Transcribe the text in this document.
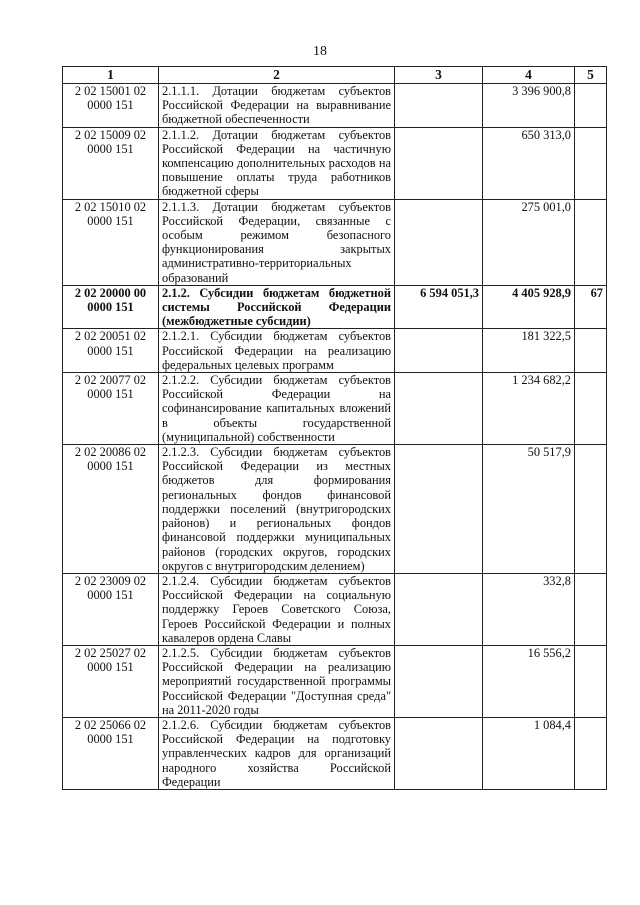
18
1	2	3	4	5
2 02 15001 02 0000 151	2.1.1.1. Дотации бюджетам субъектов Российской Федерации на выравнивание бюджетной обеспеченности		3 396 900,8	
2 02 15009 02 0000 151	2.1.1.2. Дотации бюджетам субъектов Российской Федерации на частичную компенсацию дополнительных расходов на повышение оплаты труда работников бюджетной сферы		650 313,0	
2 02 15010 02 0000 151	2.1.1.3. Дотации бюджетам субъектов Российской Федерации, связанные с особым режимом безопасного функционирования закрытых административно-территориальных образований		275 001,0	
2 02 20000 00 0000 151	2.1.2. Субсидии бюджетам бюджетной системы Российской Федерации (межбюджетные субсидии)	6 594 051,3	4 405 928,9	67
2 02 20051 02 0000 151	2.1.2.1. Субсидии бюджетам субъектов Российской Федерации на реализацию федеральных целевых программ		181 322,5	
2 02 20077 02 0000 151	2.1.2.2. Субсидии бюджетам субъектов Российской Федерации на софинансирование капитальных вложений в объекты государственной (муниципальной) собственности		1 234 682,2	
2 02 20086 02 0000 151	2.1.2.3. Субсидии бюджетам субъектов Российской Федерации из местных бюджетов для формирования региональных фондов финансовой поддержки поселений (внутригородских районов) и региональных фондов финансовой поддержки муниципальных районов (городских округов, городских округов с внутригородским делением)		50 517,9	
2 02 23009 02 0000 151	2.1.2.4. Субсидии бюджетам субъектов Российской Федерации на социальную поддержку Героев Советского Союза, Героев Российской Федерации и полных кавалеров ордена Славы		332,8	
2 02 25027 02 0000 151	2.1.2.5. Субсидии бюджетам субъектов Российской Федерации на реализацию мероприятий государственной программы Российской Федерации "Доступная среда" на 2011-2020 годы		16 556,2	
2 02 25066 02 0000 151	2.1.2.6. Субсидии бюджетам субъектов Российской Федерации на подготовку управленческих кадров для организаций народного хозяйства Российской Федерации		1 084,4	
